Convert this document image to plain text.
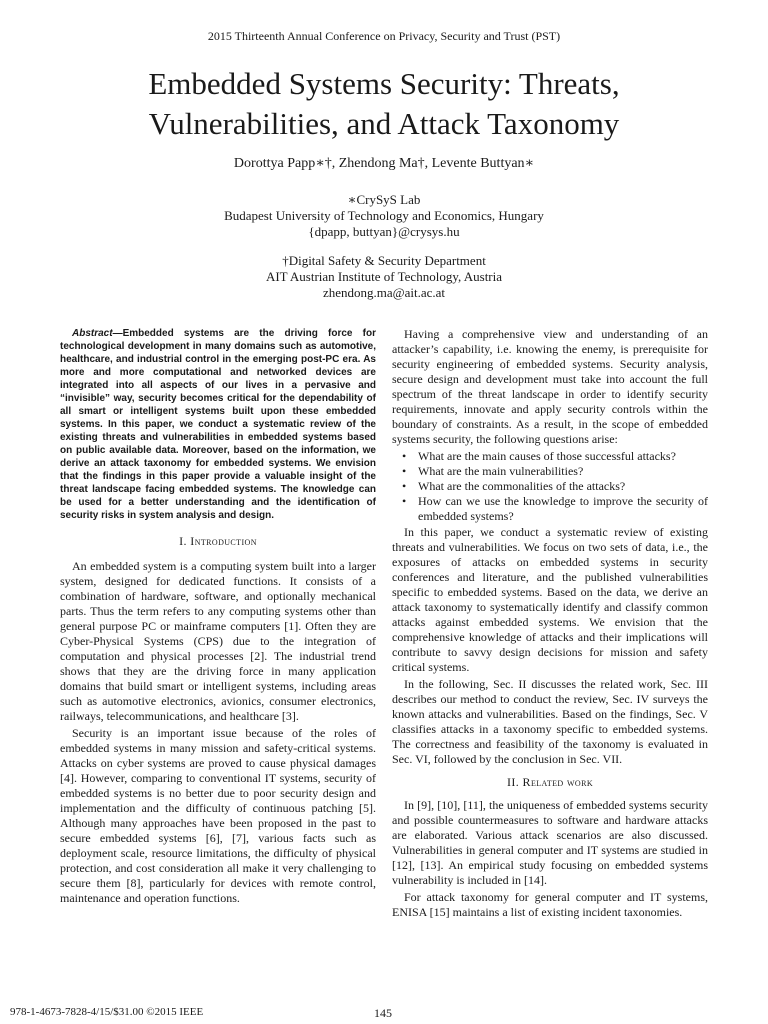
2015 Thirteenth Annual Conference on Privacy, Security and Trust (PST)
Embedded Systems Security: Threats,
Vulnerabilities, and Attack Taxonomy
Dorottya Papp∗†, Zhendong Ma†, Levente Buttyan∗
∗CrySyS Lab
Budapest University of Technology and Economics, Hungary
{dpapp, buttyan}@crysys.hu
†Digital Safety & Security Department
AIT Austrian Institute of Technology, Austria
zhendong.ma@ait.ac.at

Abstract—Embedded systems are the driving force for technological development in many domains such as automotive, healthcare, and industrial control in the emerging post-PC era. As more and more computational and networked devices are integrated into all aspects of our lives in a pervasive and “invisible” way, security becomes critical for the dependability of all smart or intelligent systems built upon these embedded systems. In this paper, we conduct a systematic review of the existing threats and vulnerabilities in embedded systems based on public available data. Moreover, based on the information, we derive an attack taxonomy for embedded systems. We envision that the findings in this paper provide a valuable insight of the threat landscape facing embedded systems. The knowledge can be used for a better understanding and the identification of security risks in system analysis and design.

I. Introduction

An embedded system is a computing system built into a larger system, designed for dedicated functions. It consists of a combination of hardware, software, and optionally mechanical parts. Thus the term refers to any computing systems other than general purpose PC or mainframe computers [1]. Often they are Cyber-Physical Systems (CPS) due to the integration of computation and physical processes [2]. The industrial trend shows that they are the driving force in many application domains that build smart or intelligent systems, including areas such as automotive electronics, avionics, consumer electronics, railways, telecommunications, and healthcare [3].

Security is an important issue because of the roles of embedded systems in many mission and safety-critical systems. Attacks on cyber systems are proved to cause physical damages [4]. However, comparing to conventional IT systems, security of embedded systems is no better due to poor security design and implementation and the difficulty of continuous patching [5]. Although many approaches have been proposed in the past to secure embedded systems [6], [7], various facts such as deployment scale, resource limitations, the difficulty of physical protection, and cost consideration all make it very challenging to secure them [8], particularly for devices with remote control, maintenance and operation functions.

Having a comprehensive view and understanding of an attacker’s capability, i.e. knowing the enemy, is prerequisite for security engineering of embedded systems. Security analysis, secure design and development must take into account the full spectrum of the threat landscape in order to identify security requirements, innovate and apply security controls within the boundary of constraints. As a result, in the scope of embedded systems security, the following questions arise:

• What are the main causes of those successful attacks?
• What are the main vulnerabilities?
• What are the commonalities of the attacks?
• How can we use the knowledge to improve the security of embedded systems?

In this paper, we conduct a systematic review of existing threats and vulnerabilities. We focus on two sets of data, i.e., the exposures of attacks on embedded systems in security conferences and literature, and the published vulnerabilities specific to embedded systems. Based on the data, we derive an attack taxonomy to systematically identify and classify common attacks against embedded systems. We envision that the comprehensive knowledge of attacks and their implications will contribute to savvy design decisions for mission and safety critical systems.

In the following, Sec. II discusses the related work, Sec. III describes our method to conduct the review, Sec. IV surveys the known attacks and vulnerabilities. Based on the findings, Sec. V classifies attacks in a taxonomy specific to embedded systems. The correctness and feasibility of the taxonomy is evaluated in Sec. VI, followed by the conclusion in Sec. VII.

II. Related work

In [9], [10], [11], the uniqueness of embedded systems security and possible countermeasures to software and hardware attacks are elaborated. Various attack scenarios are also discussed. Vulnerabilities in general computer and IT systems are studied in [12], [13]. An empirical study focusing on embedded systems vulnerability is included in [14].

For attack taxonomy for general computer and IT systems, ENISA [15] maintains a list of existing incident taxonomies.

978-1-4673-7828-4/15/$31.00 ©2015 IEEE	145
